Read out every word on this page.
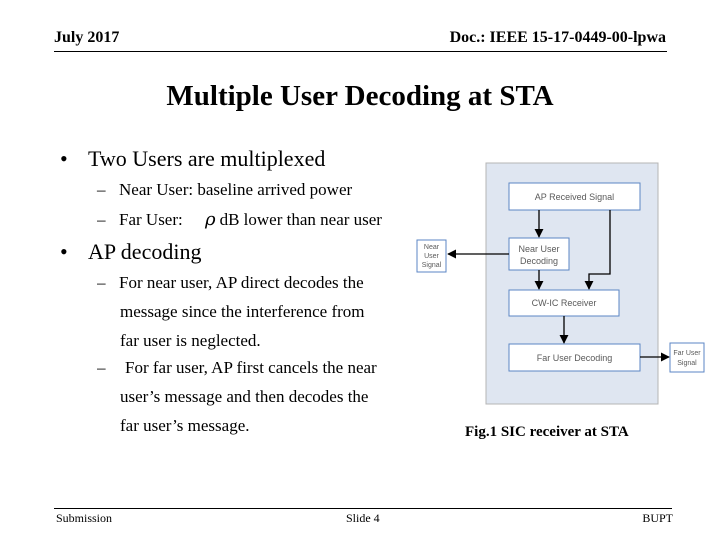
July 2017	Doc.: IEEE 15-17-0449-00-lpwa
Multiple User Decoding at STA
• Two Users are multiplexed
– Near User: baseline arrived power
– Far User: ρ dB lower than near user
• AP decoding
– For near user, AP direct decodes the
message since the interference from
far user is neglected.
– For far user, AP first cancels the near
user’s message and then decodes the
far user’s message.
AP Received Signal
Near User
Decoding
CW-IC Receiver
Far User Decoding
Near
User
Signal
Far User
Signal
Fig.1 SIC receiver at STA
Submission	Slide 4	BUPT
